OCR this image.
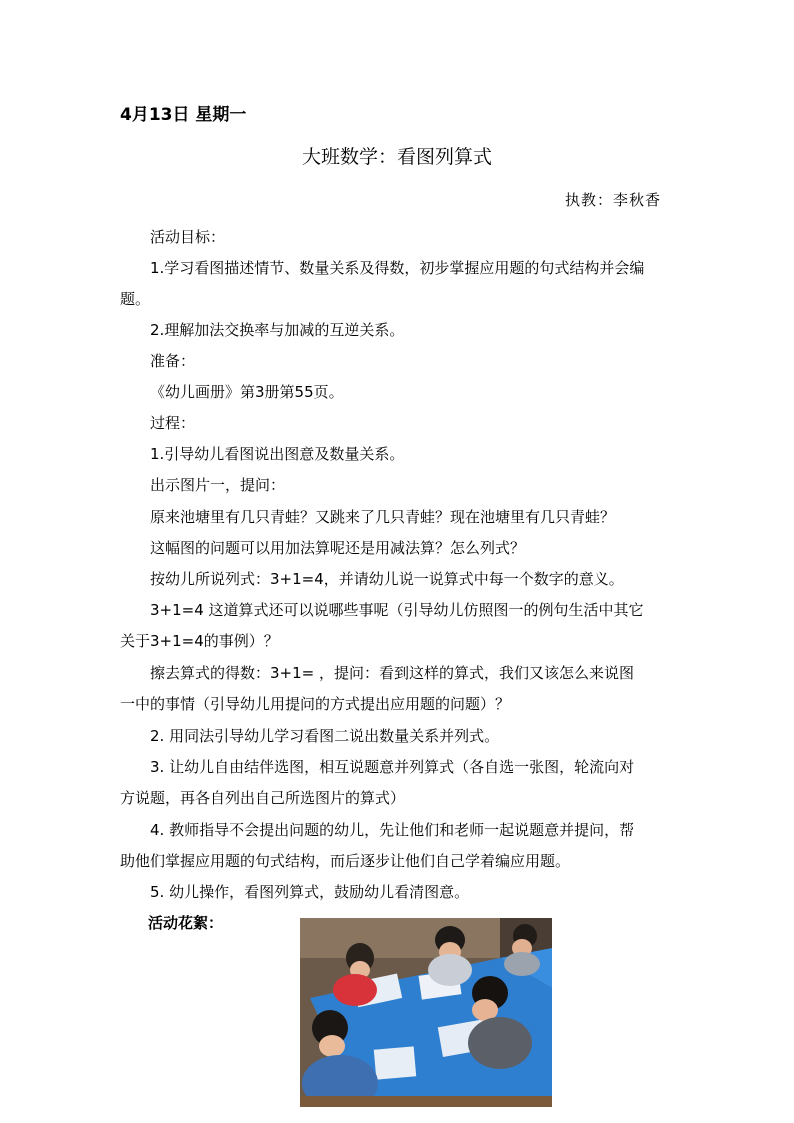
4月13日 星期一
大班数学：看图列算式
执教：李秋香
活动目标：
1.学习看图描述情节、数量关系及得数，初步掌握应用题的句式结构并会编
题。
2.理解加法交换率与加减的互逆关系。
准备：
《幼儿画册》第3册第55页。
过程：
1.引导幼儿看图说出图意及数量关系。
出示图片一，提问：
原来池塘里有几只青蛙？又跳来了几只青蛙？现在池塘里有几只青蛙？
这幅图的问题可以用加法算呢还是用减法算？怎么列式？
按幼儿所说列式：3+1=4，并请幼儿说一说算式中每一个数字的意义。
3+1=4 这道算式还可以说哪些事呢（引导幼儿仿照图一的例句生活中其它
关于3+1=4的事例）？
擦去算式的得数：3+1= ，提问：看到这样的算式，我们又该怎么来说图
一中的事情（引导幼儿用提问的方式提出应用题的问题）？
2. 用同法引导幼儿学习看图二说出数量关系并列式。
3. 让幼儿自由结伴选图，相互说题意并列算式（各自选一张图，轮流向对
方说题，再各自列出自己所选图片的算式）
4. 教师指导不会提出问题的幼儿，先让他们和老师一起说题意并提问，帮
助他们掌握应用题的句式结构，而后逐步让他们自己学着编应用题。
5. 幼儿操作，看图列算式，鼓励幼儿看清图意。
活动花絮：
